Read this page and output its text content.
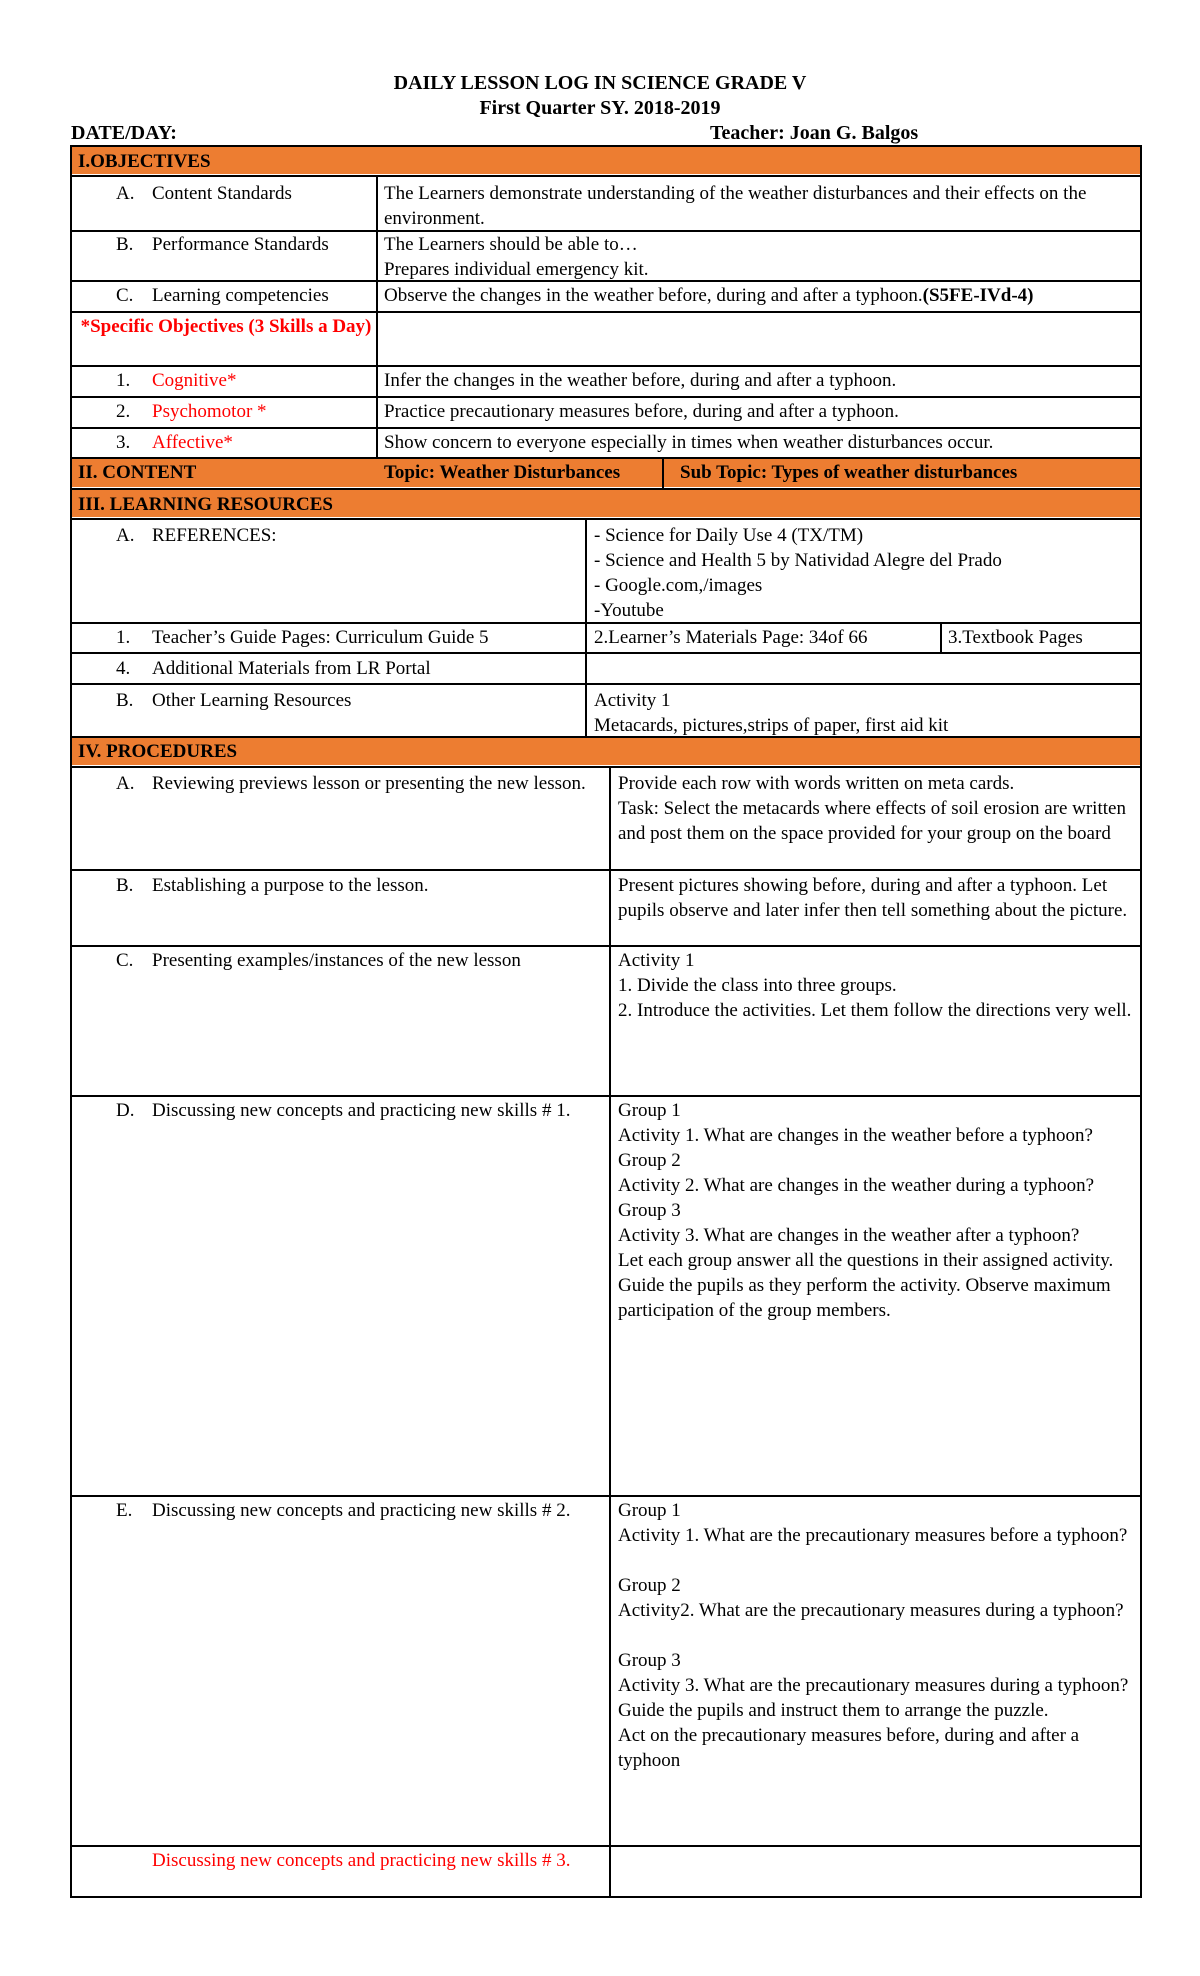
DAILY LESSON LOG IN SCIENCE GRADE V
First Quarter SY. 2018-2019
DATE/DAY:	Teacher: Joan G. Balgos
I.OBJECTIVES
A. Content Standards	The Learners demonstrate understanding of the weather disturbances and their effects on the environment.
B. Performance Standards	The Learners should be able to…
Prepares individual emergency kit.
C. Learning competencies	Observe the changes in the weather before, during and after a typhoon.(S5FE-IVd-4)
*Specific Objectives (3 Skills a Day)
1. Cognitive*	Infer the changes in the weather before, during and after a typhoon.
2. Psychomotor *	Practice precautionary measures before, during and after a typhoon.
3. Affective*	Show concern to everyone especially in times when weather disturbances occur.
II. CONTENT	Topic: Weather Disturbances	Sub Topic: Types of weather disturbances
III. LEARNING RESOURCES
A. REFERENCES:	- Science for Daily Use 4 (TX/TM)
- Science and Health 5 by Natividad Alegre del Prado
- Google.com,/images
-Youtube
1. Teacher’s Guide Pages: Curriculum Guide 5	2.Learner’s Materials Page: 34of 66	3.Textbook Pages
4. Additional Materials from LR Portal
B. Other Learning Resources	Activity 1
Metacards, pictures,strips of paper, first aid kit
IV. PROCEDURES
A. Reviewing previews lesson or presenting the new lesson.	Provide each row with words written on meta cards.
Task: Select the metacards where effects of soil erosion are written and post them on the space provided for your group on the board
B. Establishing a purpose to the lesson.	Present pictures showing before, during and after a typhoon. Let pupils observe and later infer then tell something about the picture.
C. Presenting examples/instances of the new lesson	Activity 1
1. Divide the class into three groups.
2. Introduce the activities. Let them follow the directions very well.
D. Discussing new concepts and practicing new skills # 1.	Group 1
Activity 1. What are changes in the weather before a typhoon?
Group 2
Activity 2. What are changes in the weather during a typhoon?
Group 3
Activity 3. What are changes in the weather after a typhoon?
Let each group answer all the questions in their assigned activity.
Guide the pupils as they perform the activity. Observe maximum participation of the group members.
E. Discussing new concepts and practicing new skills # 2.	Group 1
Activity 1. What are the precautionary measures before a typhoon?

Group 2
Activity2. What are the precautionary measures during a typhoon?

Group 3
Activity 3. What are the precautionary measures during a typhoon?
Guide the pupils and instruct them to arrange the puzzle.
Act on the precautionary measures before, during and after a typhoon
Discussing new concepts and practicing new skills # 3.
